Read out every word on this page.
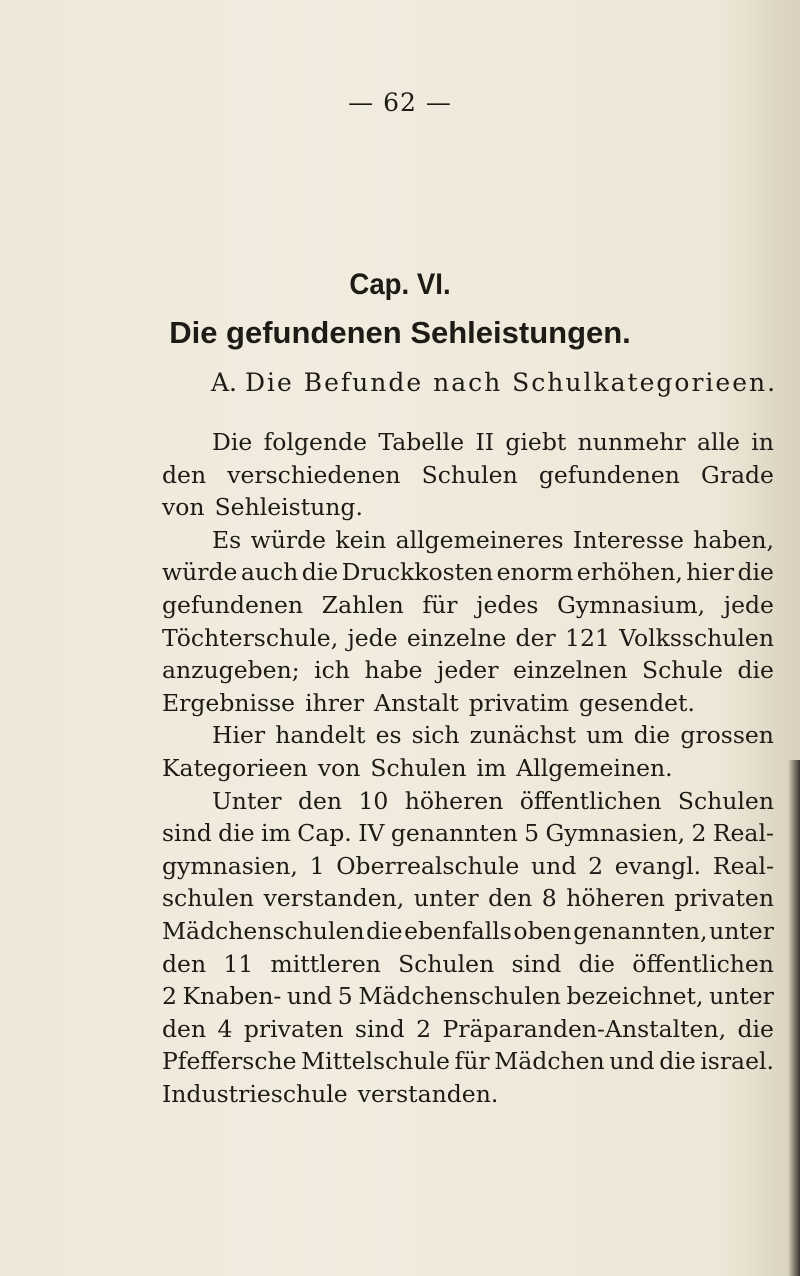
— 62 —
Cap. VI.
Die gefundenen Sehleistungen.
A. Die Befunde nach Schulkategorieen.
Die folgende Tabelle II giebt nunmehr alle in
den verschiedenen Schulen gefundenen Grade
von Sehleistung.
Es würde kein allgemeineres Interesse haben,
würde auch die Druckkosten enorm erhöhen, hier die
gefundenen Zahlen für jedes Gymnasium, jede
Töchterschule, jede einzelne der 121 Volksschulen
anzugeben; ich habe jeder einzelnen Schule die
Ergebnisse ihrer Anstalt privatim gesendet.
Hier handelt es sich zunächst um die grossen
Kategorieen von Schulen im Allgemeinen.
Unter den 10 höheren öffentlichen Schulen
sind die im Cap. IV genannten 5 Gymnasien, 2 Real-
gymnasien, 1 Oberrealschule und 2 evangl. Real-
schulen verstanden, unter den 8 höheren privaten
Mädchenschulen die ebenfalls oben genannten, unter
den 11 mittleren Schulen sind die öffentlichen
2 Knaben- und 5 Mädchenschulen bezeichnet, unter
den 4 privaten sind 2 Präparanden-Anstalten, die
Pfeffersche Mittelschule für Mädchen und die israel.
Industrieschule verstanden.
